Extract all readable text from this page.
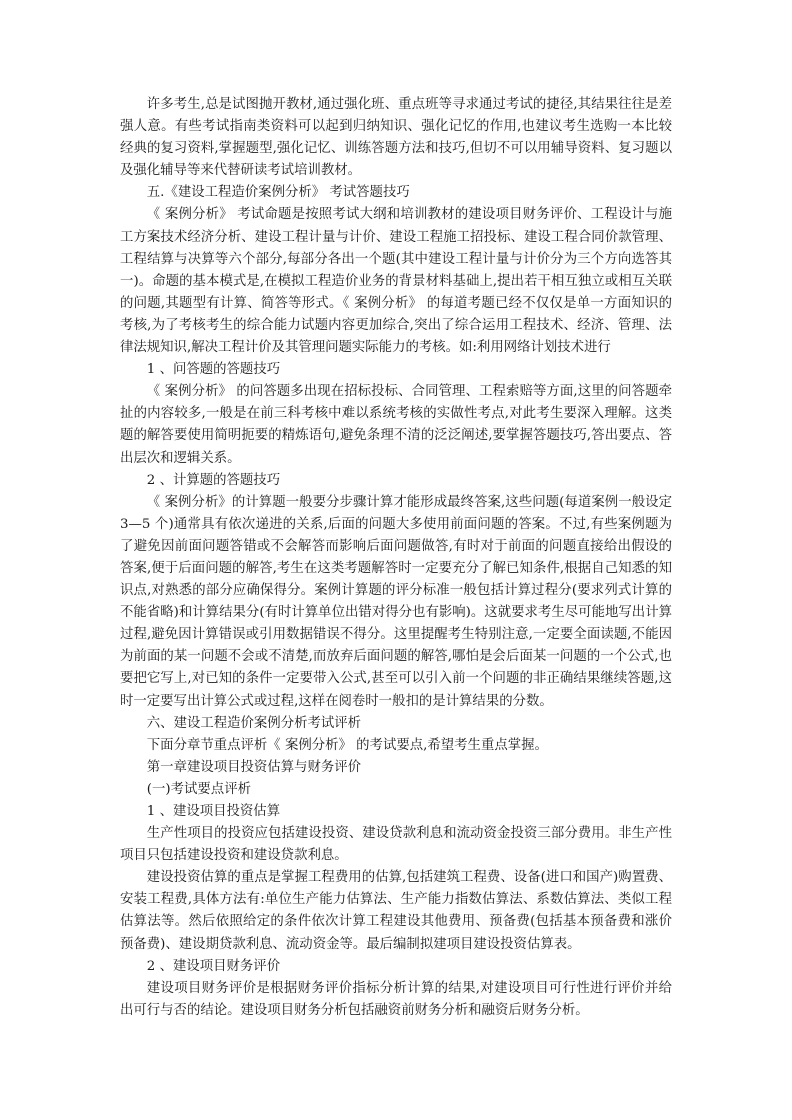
许多考生,总是试图抛开教材,通过强化班、重点班等寻求通过考试的捷径,其结果往往是差强人意。有些考试指南类资料可以起到归纳知识、强化记忆的作用,也建议考生选购一本比较经典的复习资料,掌握题型,强化记忆、训练答题方法和技巧,但切不可以用辅导资料、复习题以及强化辅导等来代替研读考试培训教材。

五.《建设工程造价案例分析》 考试答题技巧

《 案例分析》 考试命题是按照考试大纲和培训教材的建设项目财务评价、工程设计与施工方案技术经济分析、建设工程计量与计价、建设工程施工招投标、建设工程合同价款管理、工程结算与决算等六个部分,每部分各出一个题(其中建设工程计量与计价分为三个方向选答其一)。命题的基本模式是,在模拟工程造价业务的背景材料基础上,提出若干相互独立或相互关联的问题,其题型有计算、简答等形式。《 案例分析》 的每道考题已经不仅仅是单一方面知识的考核,为了考核考生的综合能力试题内容更加综合,突出了综合运用工程技术、经济、管理、法律法规知识,解决工程计价及其管理问题实际能力的考核。如:利用网络计划技术进行

1 、问答题的答题技巧

《 案例分析》 的问答题多出现在招标投标、合同管理、工程索赔等方面,这里的问答题牵扯的内容较多,一般是在前三科考核中难以系统考核的实做性考点,对此考生要深入理解。这类题的解答要使用简明扼要的精炼语句,避免条理不清的泛泛阐述,要掌握答题技巧,答出要点、答出层次和逻辑关系。

2 、计算题的答题技巧

《 案例分析》的计算题一般要分步骤计算才能形成最终答案,这些问题(每道案例一般设定 3—5 个)通常具有依次递进的关系,后面的问题大多使用前面问题的答案。不过,有些案例题为了避免因前面问题答错或不会解答而影响后面问题做答,有时对于前面的问题直接给出假设的答案,便于后面问题的解答,考生在这类考题解答时一定要充分了解已知条件,根据自己知悉的知识点,对熟悉的部分应确保得分。案例计算题的评分标准一般包括计算过程分(要求列式计算的不能省略)和计算结果分(有时计算单位出错对得分也有影响)。这就要求考生尽可能地写出计算过程,避免因计算错误或引用数据错误不得分。这里提醒考生特别注意,一定要全面读题,不能因为前面的某一问题不会或不清楚,而放弃后面问题的解答,哪怕是会后面某一问题的一个公式,也要把它写上,对已知的条件一定要带入公式,甚至可以引入前一个问题的非正确结果继续答题,这时一定要写出计算公式或过程,这样在阅卷时一般扣的是计算结果的分数。

六、建设工程造价案例分析考试评析

下面分章节重点评析《 案例分析》 的考试要点,希望考生重点掌握。

第一章建设项目投资估算与财务评价

(一)考试要点评析

1 、建设项目投资估算

生产性项目的投资应包括建设投资、建设贷款利息和流动资金投资三部分费用。非生产性项目只包括建设投资和建设贷款利息。

建设投资估算的重点是掌握工程费用的估算,包括建筑工程费、设备(进口和国产)购置费、安装工程费,具体方法有:单位生产能力估算法、生产能力指数估算法、系数估算法、类似工程估算法等。然后依照给定的条件依次计算工程建设其他费用、预备费(包括基本预备费和涨价预备费)、建设期贷款利息、流动资金等。最后编制拟建项目建设投资估算表。

2 、建设项目财务评价

建设项目财务评价是根据财务评价指标分析计算的结果,对建设项目可行性进行评价并给出可行与否的结论。建设项目财务分析包括融资前财务分析和融资后财务分析。
